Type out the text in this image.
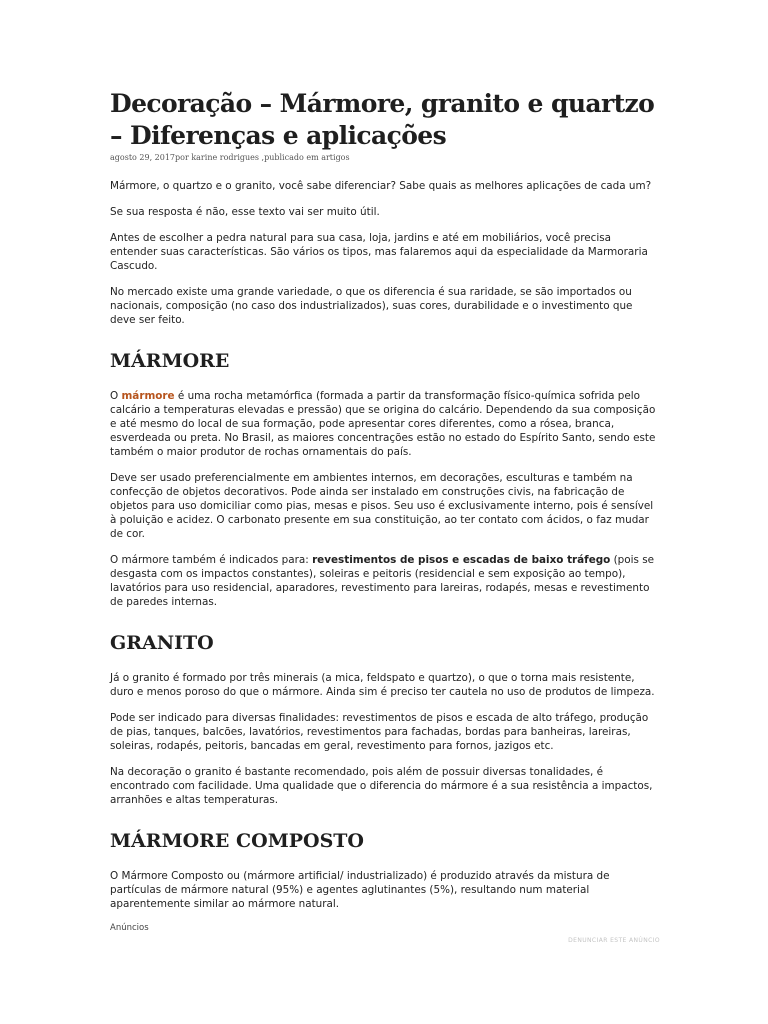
Decoração – Mármore, granito e quartzo – Diferenças e aplicações
agosto 29, 2017por karine rodrigues ,publicado em artigos

Mármore, o quartzo e o granito, você sabe diferenciar? Sabe quais as melhores aplicações de cada um?

Se sua resposta é não, esse texto vai ser muito útil.

Antes de escolher a pedra natural para sua casa, loja, jardins e até em mobiliários, você precisa entender suas características. São vários os tipos, mas falaremos aqui da especialidade da Marmoraria Cascudo.

No mercado existe uma grande variedade, o que os diferencia é sua raridade, se são importados ou nacionais, composição (no caso dos industrializados), suas cores, durabilidade e o investimento que deve ser feito.

MÁRMORE

O mármore é uma rocha metamórfica (formada a partir da transformação físico-química sofrida pelo calcário a temperaturas elevadas e pressão) que se origina do calcário. Dependendo da sua composição e até mesmo do local de sua formação, pode apresentar cores diferentes, como a rósea, branca, esverdeada ou preta. No Brasil, as maiores concentrações estão no estado do Espírito Santo, sendo este também o maior produtor de rochas ornamentais do país.

Deve ser usado preferencialmente em ambientes internos, em decorações, esculturas e também na confecção de objetos decorativos. Pode ainda ser instalado em construções civis, na fabricação de objetos para uso domiciliar como pias, mesas e pisos. Seu uso é exclusivamente interno, pois é sensível à poluição e acidez. O carbonato presente em sua constituição, ao ter contato com ácidos, o faz mudar de cor.

O mármore também é indicados para: revestimentos de pisos e escadas de baixo tráfego (pois se desgasta com os impactos constantes), soleiras e peitoris (residencial e sem exposição ao tempo), lavatórios para uso residencial, aparadores, revestimento para lareiras, rodapés, mesas e revestimento de paredes internas.

GRANITO

Já o granito é formado por três minerais (a mica, feldspato e quartzo), o que o torna mais resistente, duro e menos poroso do que o mármore. Ainda sim é preciso ter cautela no uso de produtos de limpeza.

Pode ser indicado para diversas finalidades: revestimentos de pisos e escada de alto tráfego, produção de pias, tanques, balcões, lavatórios, revestimentos para fachadas, bordas para banheiras, lareiras, soleiras, rodapés, peitoris, bancadas em geral, revestimento para fornos, jazigos etc.

Na decoração o granito é bastante recomendado, pois além de possuir diversas tonalidades, é encontrado com facilidade. Uma qualidade que o diferencia do mármore é a sua resistência a impactos, arranhões e altas temperaturas.

MÁRMORE COMPOSTO

O Mármore Composto ou (mármore artificial/ industrializado) é produzido através da mistura de partículas de mármore natural (95%) e agentes aglutinantes (5%), resultando num material aparentemente similar ao mármore natural.

Anúncios
DENUNCIAR ESTE ANÚNCIO
